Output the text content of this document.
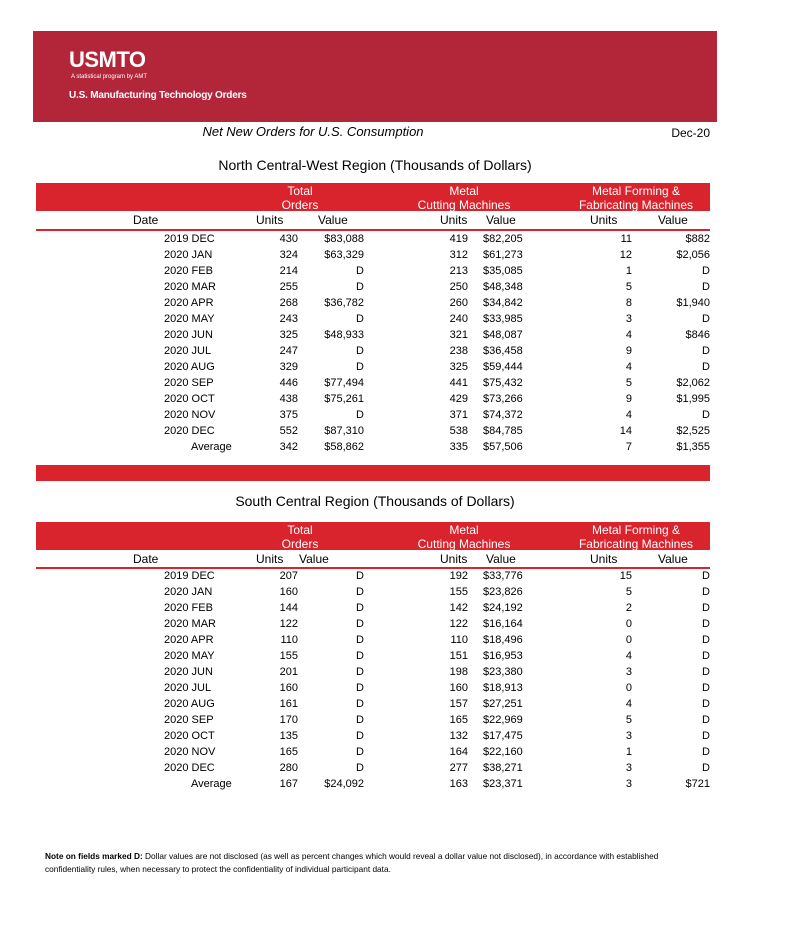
USMTO
A statistical program by AMT
U.S. Manufacturing Technology Orders
Net New Orders for U.S. Consumption	Dec-20
North Central-West Region (Thousands of Dollars)
Total
Orders
Metal
Cutting Machines
Metal Forming &
Fabricating Machines
Date	Units	Value	Units Value	Units	Value
2019 DEC	430	$83,088	419 $82,205	11	$882
2020 JAN	324	$63,329	312 $61,273	12	$2,056
2020 FEB	214	D	213 $35,085	1	D
2020 MAR	255	D	250 $48,348	5	D
2020 APR	268	$36,782	260 $34,842	8	$1,940
2020 MAY	243	D	240 $33,985	3	D
2020 JUN	325	$48,933	321 $48,087	4	$846
2020 JUL	247	D	238 $36,458	9	D
2020 AUG	329	D	325 $59,444	4	D
2020 SEP	446	$77,494	441 $75,432	5	$2,062
2020 OCT	438	$75,261	429 $73,266	9	$1,995
2020 NOV	375	D	371 $74,372	4	D
2020 DEC	552	$87,310	538 $84,785	14	$2,525
Average	342	$58,862	335 $57,506	7	$1,355
South Central Region (Thousands of Dollars)
Total
Orders
Metal
Cutting Machines
Metal Forming &
Fabricating Machines
Date	Units Value	Units Value	Units	Value
2019 DEC	207	D	192 $33,776	15	D
2020 JAN	160	D	155 $23,826	5	D
2020 FEB	144	D	142 $24,192	2	D
2020 MAR	122	D	122 $16,164	0	D
2020 APR	110	D	110 $18,496	0	D
2020 MAY	155	D	151 $16,953	4	D
2020 JUN	201	D	198 $23,380	3	D
2020 JUL	160	D	160 $18,913	0	D
2020 AUG	161	D	157 $27,251	4	D
2020 SEP	170	D	165 $22,969	5	D
2020 OCT	135	D	132 $17,475	3	D
2020 NOV	165	D	164 $22,160	1	D
2020 DEC	280	D	277 $38,271	3	D
Average	167	$24,092	163 $23,371	3	$721
Note on fields marked D: Dollar values are not disclosed (as well as percent changes which would reveal a dollar value not disclosed), in accordance with established confidentiality rules, when necessary to protect the confidentiality of individual participant data.
